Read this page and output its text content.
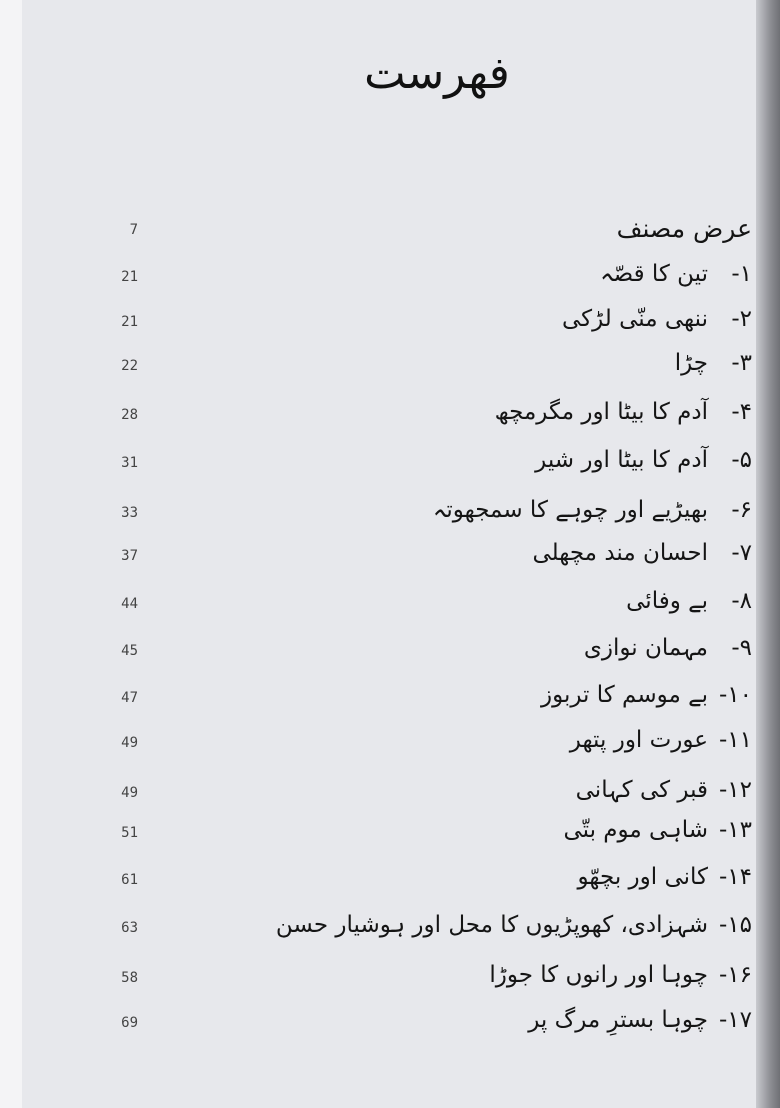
فهرست
7	عرض مصنف
21	۱-تین کا قصّہ
21	۲-ننھی منّی لڑکی
22	۳-چڑا
28	۴-آدم کا بیٹا اور مگرمچھ
31	۵-آدم کا بیٹا اور شیر
33	۶-بھیڑیے اور چوہے کا سمجھوتہ
37	۷-احسان مند مچھلی
44	۸-بے وفائی
45	۹-مہمان نوازی
47	۱۰-بے موسم کا تربوز
49	۱۱-عورت اور پتھر
49	۱۲-قبر کی کہانی
51	۱۳-شاہی موم بتّی
61	۱۴-کانی اور بچھّو
63	۱۵-شہزادی، کھوپڑیوں کا محل اور ہوشیار حسن
58	۱۶-چوہا اور رانوں کا جوڑا
69	۱۷-چوہا بسترِ مرگ پر
